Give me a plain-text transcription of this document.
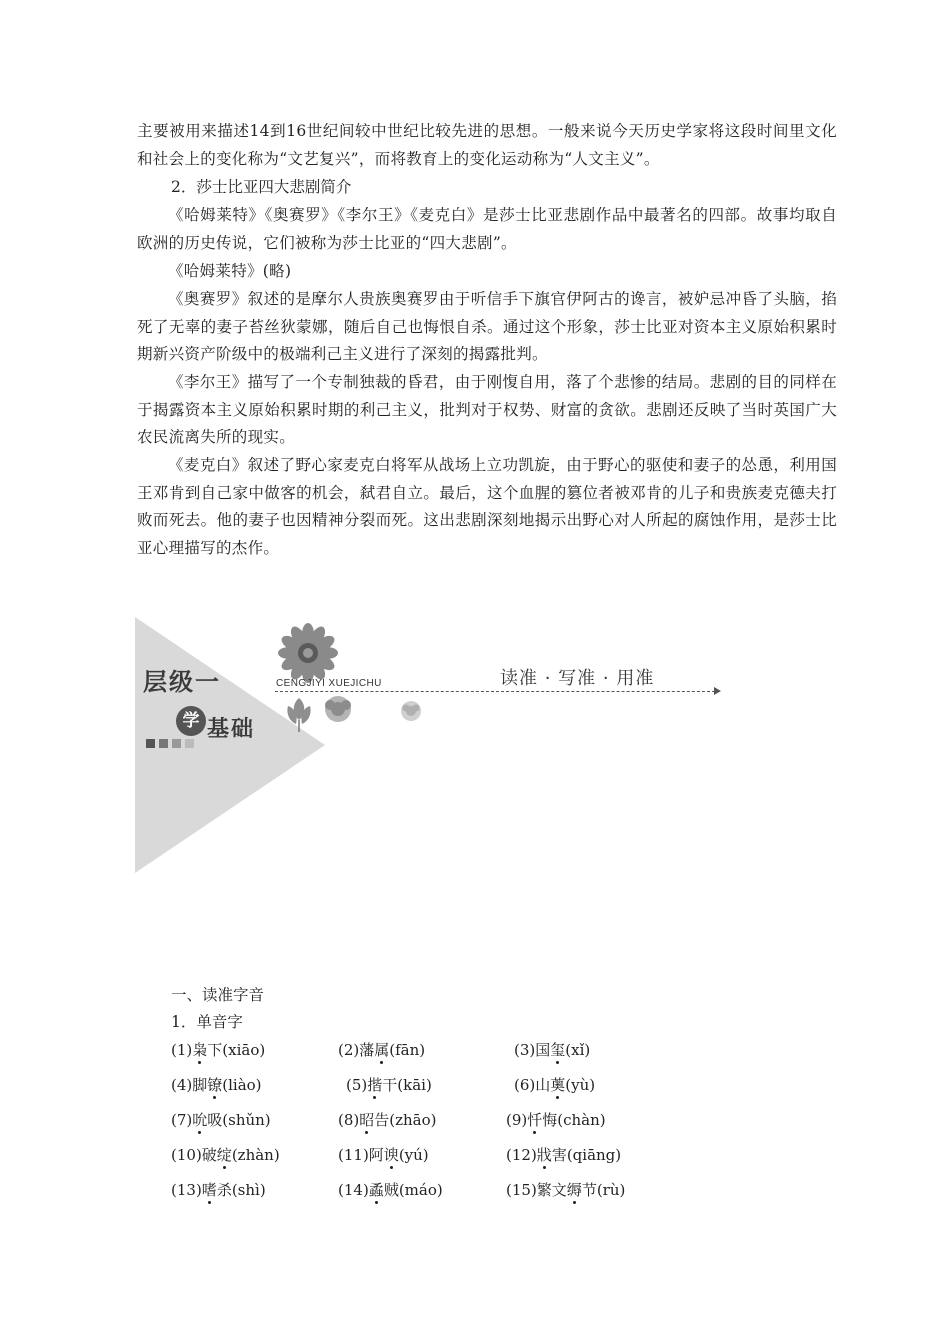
主要被用来描述14到16世纪间较中世纪比较先进的思想。一般来说今天历史学家将这段时间里文化和社会上的变化称为“文艺复兴”，而将教育上的变化运动称为“人文主义”。

2．莎士比亚四大悲剧简介

《哈姆莱特》《奥赛罗》《李尔王》《麦克白》是莎士比亚悲剧作品中最著名的四部。故事均取自欧洲的历史传说，它们被称为莎士比亚的“四大悲剧”。

《哈姆莱特》(略)

《奥赛罗》叙述的是摩尔人贵族奥赛罗由于听信手下旗官伊阿古的谗言，被妒忌冲昏了头脑，掐死了无辜的妻子苔丝狄蒙娜，随后自己也悔恨自杀。通过这个形象，莎士比亚对资本主义原始积累时期新兴资产阶级中的极端利己主义进行了深刻的揭露批判。

《李尔王》描写了一个专制独裁的昏君，由于刚愎自用，落了个悲惨的结局。悲剧的目的同样在于揭露资本主义原始积累时期的利己主义，批判对于权势、财富的贪欲。悲剧还反映了当时英国广大农民流离失所的现实。

《麦克白》叙述了野心家麦克白将军从战场上立功凯旋，由于野心的驱使和妻子的怂恿，利用国王邓肯到自己家中做客的机会，弑君自立。最后，这个血腥的篡位者被邓肯的儿子和贵族麦克德夫打败而死去。他的妻子也因精神分裂而死。这出悲剧深刻地揭示出野心对人所起的腐蚀作用，是莎士比亚心理描写的杰作。

层级一
学 基础
CENGJIYI XUEJICHU	读准 · 写准 · 用准
一、读准字音
1．单音字
(1)枭下(xiāo)	(2)藩属(fān)	(3)国玺(xǐ)
(4)脚镣(liào)	(5)揩干(kāi)	(6)山薁(yù)
(7)吮吸(shǔn)	(8)昭告(zhāo)	(9)忏悔(chàn)
(10)破绽(zhàn)	(11)阿谀(yú)	(12)戕害(qiāng)
(13)嗜杀(shì)	(14)蟊贼(máo)	(15)繁文缛节(rù)
